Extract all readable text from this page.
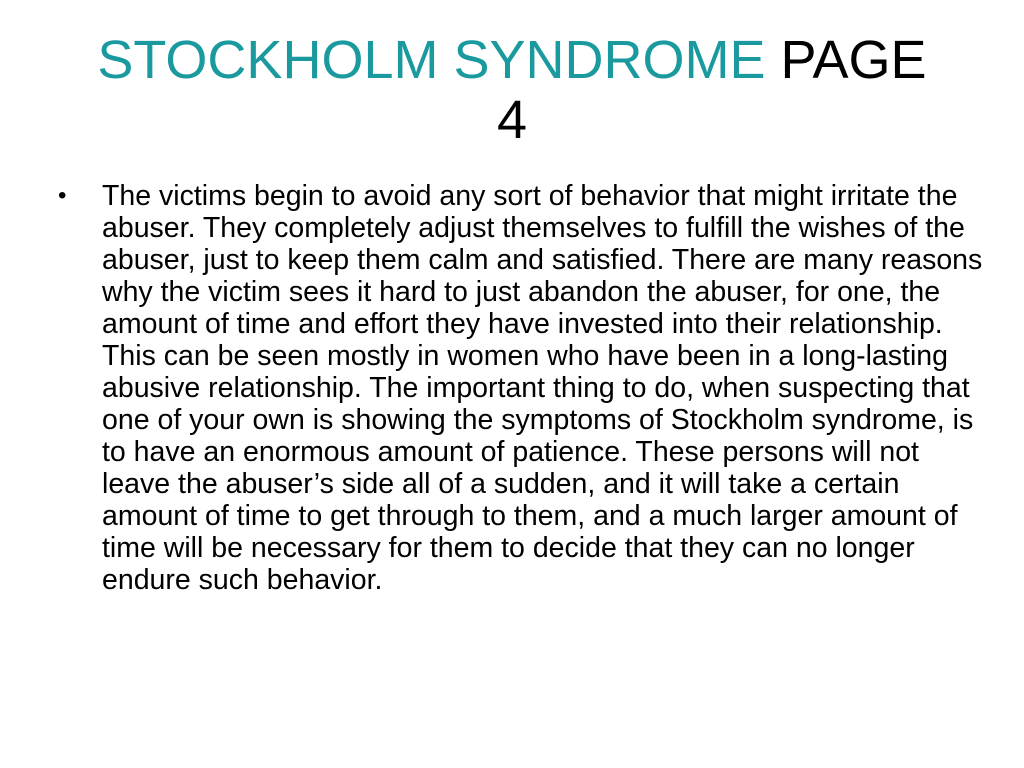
STOCKHOLM SYNDROME PAGE
4
• The victims begin to avoid any sort of behavior that might irritate the abuser. They completely adjust themselves to fulfill the wishes of the abuser, just to keep them calm and satisfied. There are many reasons why the victim sees it hard to just abandon the abuser, for one, the amount of time and effort they have invested into their relationship. This can be seen mostly in women who have been in a long-lasting abusive relationship. The important thing to do, when suspecting that one of your own is showing the symptoms of Stockholm syndrome, is to have an enormous amount of patience. These persons will not leave the abuser’s side all of a sudden, and it will take a certain amount of time to get through to them, and a much larger amount of time will be necessary for them to decide that they can no longer endure such behavior.
